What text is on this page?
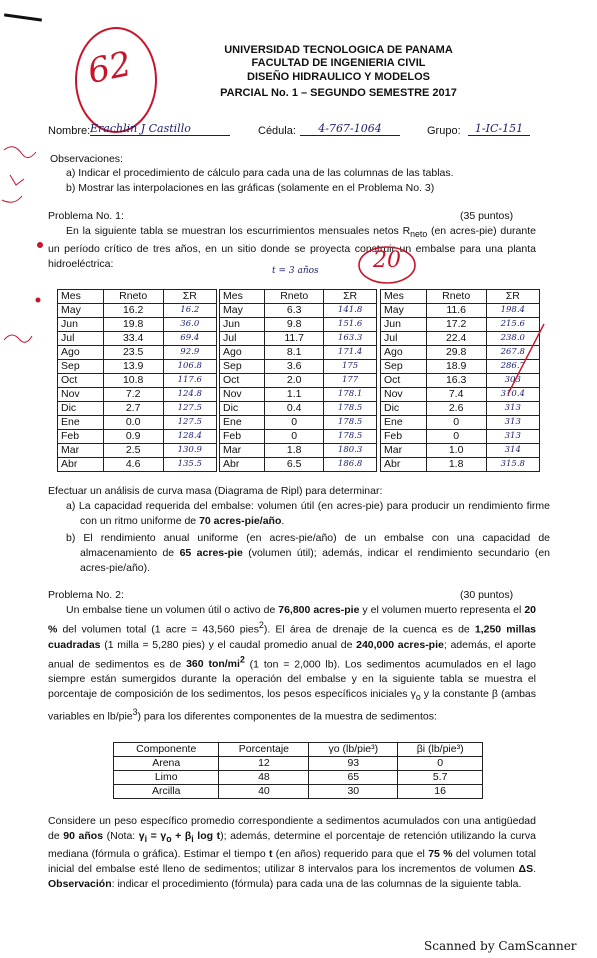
62	UNIVERSIDAD TECNOLOGICA DE PANAMA
FACULTAD DE INGENIERIA CIVIL
DISEÑO HIDRAULICO Y MODELOS
PARCIAL No. 1 – SEGUNDO SEMESTRE 2017
Nombre: Erachlin J Castillo	Cédula:	4-767-1064	Grupo:	1-IC-151
Observaciones:
a) Indicar el procedimiento de cálculo para cada una de las columnas de las tablas.
b) Mostrar las interpolaciones en las gráficas (solamente en el Problema No. 3)
Problema No. 1:	(35 puntos)
En la siguiente tabla se muestran los escurrimientos mensuales netos $R_{neto}$ (en acres-pie) durante un período crítico de tres años, en un sitio donde se proyecta construir un embalse para una planta hidroeléctrica:	20
t = 3 años
Mes	Rneto	ΣR
May	16.2	16.2
Jun	19.8	36.0
Jul	33.4	69.4
Ago	23.5	92.9
Sep	13.9	106.8
Oct	10.8	117.6
Nov	7.2	124.8
Dic	2.7	127.5
Ene	0.0	127.5
Feb	0.9	128.4
Mar	2.5	130.9
Abr	4.6	135.5
Mes	Rneto	ΣR
May	6.3	141.8
Jun	9.8	151.6
Jul	11.7	163.3
Ago	8.1	171.4
Sep	3.6	175
Oct	2.0	177
Nov	1.1	178.1
Dic	0.4	178.5
Ene	0	178.5
Feb	0	178.5
Mar	1.8	180.3
Abr	6.5	186.8
Mes	Rneto	ΣR
May	11.6	198.4
Jun	17.2	215.6
Jul	22.4	238.0
Ago	29.8	267.8
Sep	18.9	286.7
Oct	16.3	303
Nov	7.4	310.4
Dic	2.6	313
Ene	0	313
Feb	0	313
Mar	1.0	314
Abr	1.8	315.8
Efectuar un análisis de curva masa (Diagrama de Ripl) para determinar:
a) La capacidad requerida del embalse: volumen útil (en acres-pie) para producir un rendimiento firme con un ritmo uniforme de 70 acres-pie/año.
b) El rendimiento anual uniforme (en acres-pie/año) de un embalse con una capacidad de almacenamiento de 65 acres-pie (volumen útil); además, indicar el rendimiento secundario (en acres-pie/año).
Problema No. 2:	(30 puntos)
Un embalse tiene un volumen útil o activo de 76,800 acres-pie y el volumen muerto representa el 20 % del volumen total (1 acre = 43,560 pies$^2$). El área de drenaje de la cuenca es de 1,250 millas cuadradas (1 milla = 5,280 pies) y el caudal promedio anual de 240,000 acres-pie; además, el aporte anual de sedimentos es de 360 ton/$mi^2$ (1 ton = 2,000 lb). Los sedimentos acumulados en el lago siempre están sumergidos durante la operación del embalse y en la siguiente tabla se muestra el porcentaje de composición de los sedimentos, los pesos específicos iniciales $\gamma_o$ y la constante β (ambas variables en lb/pie$^3$) para los diferentes componentes de la muestra de sedimentos:
Componente	Porcentaje	γo (lb/pie³)	βi (lb/pie³)
Arena	12	93	0
Limo	48	65	5.7
Arcilla	40	30	16
Considere un peso específico promedio correspondiente a sedimentos acumulados con una antigüedad de 90 años (Nota: $\gamma_i = \gamma_o + \beta_i$ log t); además, determine el porcentaje de retención utilizando la curva mediana (fórmula o gráfica). Estimar el tiempo t (en años) requerido para que el 75 % del volumen total inicial del embalse esté lleno de sedimentos; utilizar 8 intervalos para los incrementos de volumen ΔS. Observación: indicar el procedimiento (fórmula) para cada una de las columnas de la siguiente tabla.
Scanned by CamScanner
